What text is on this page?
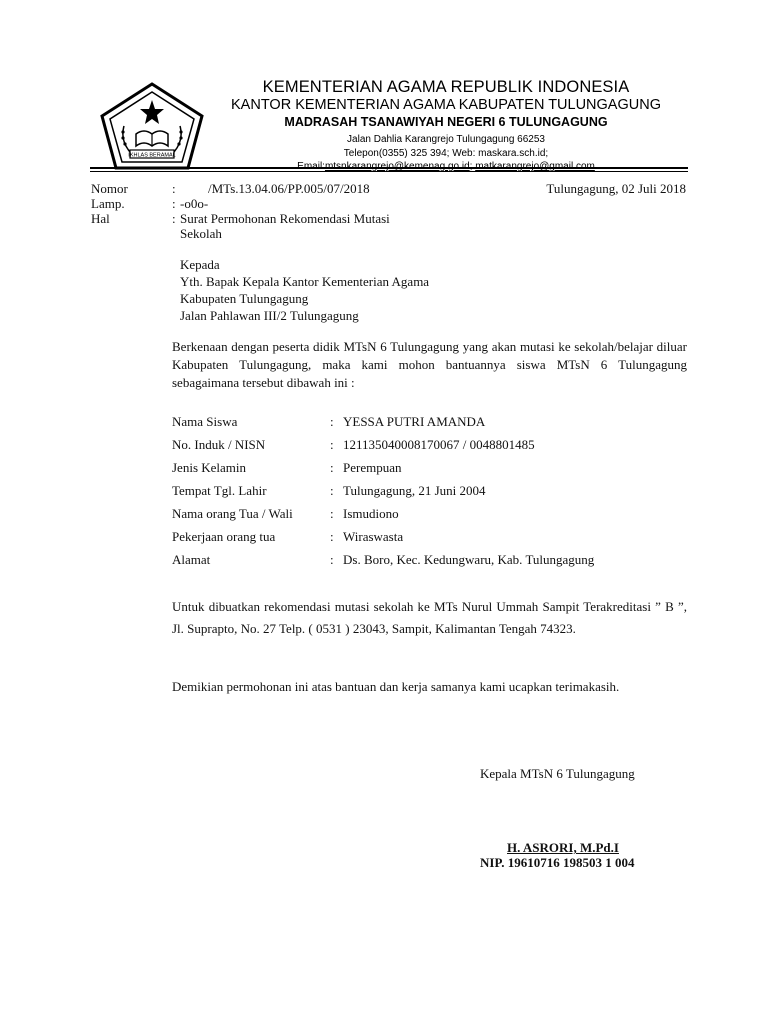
IKHLAS BERAMAL
KEMENTERIAN AGAMA REPUBLIK INDONESIA
KANTOR KEMENTERIAN AGAMA KABUPATEN TULUNGAGUNG
MADRASAH TSANAWIYAH NEGERI 6 TULUNGAGUNG
Jalan Dahlia Karangrejo Tulungagung 66253
Telepon(0355) 325 394; Web: maskara.sch.id;
Email:mtsnkarangrejo@kemenag.go.id; matkarangrejo@gmail.com
Nomor	: /MTs.13.04.06/PP.005/07/2018	Tulungagung, 02 Juli 2018
Lamp.	: -o0o-
Hal	: Surat Permohonan Rekomendasi Mutasi
Sekolah
Kepada
Yth. Bapak Kepala Kantor Kementerian Agama
Kabupaten Tulungagung
Jalan Pahlawan III/2 Tulungagung
Berkenaan dengan peserta didik MTsN 6 Tulungagung yang akan mutasi ke sekolah/belajar diluar Kabupaten Tulungagung, maka kami mohon bantuannya siswa MTsN 6 Tulungagung sebagaimana tersebut dibawah ini :
Nama Siswa	: YESSA PUTRI AMANDA
No. Induk / NISN	: 121135040008170067 / 0048801485
Jenis Kelamin	: Perempuan
Tempat Tgl. Lahir	: Tulungagung, 21 Juni 2004
Nama orang Tua / Wali	: Ismudiono
Pekerjaan orang tua	: Wiraswasta
Alamat	: Ds. Boro, Kec. Kedungwaru, Kab. Tulungagung
Untuk dibuatkan rekomendasi mutasi sekolah ke MTs Nurul Ummah Sampit Terakreditasi ” B ”, Jl. Suprapto, No. 27 Telp. ( 0531 ) 23043, Sampit, Kalimantan Tengah 74323.
Demikian permohonan ini atas bantuan dan kerja samanya kami ucapkan terimakasih.
Kepala MTsN 6 Tulungagung
H. ASRORI, M.Pd.I
NIP. 19610716 198503 1 004
